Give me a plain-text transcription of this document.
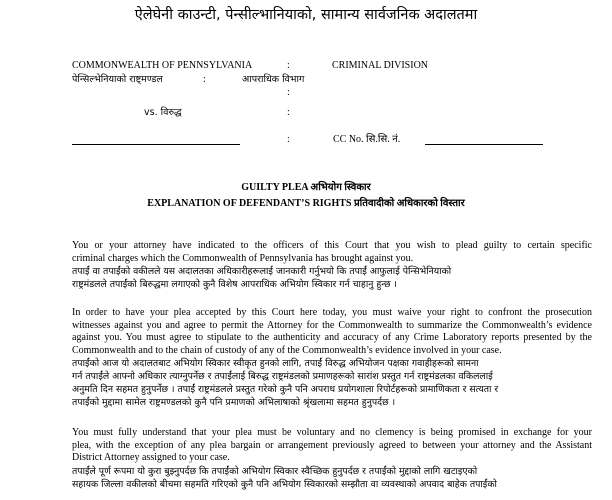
ऐलेघेनी काउन्टी, पेन्सील्भानियाको, सामान्य सार्वजनिक अदालतमा
COMMONWEALTH OF PENNSYLVANIA	:	CRIMINAL DIVISION
पेन्सिल्भेनियाको राष्ट्मण्डल	:	आपराधिक विभाग
:
vs. विरुद्ध	:
:	CC No. सि.सि. नं.
GUILTY PLEA अभियोग स्विकार
EXPLANATION OF DEFENDANT’S RIGHTS प्रतिवादीको अधिकारको विस्तार
You or your attorney have indicated to the officers of this Court that you wish to plead guilty to certain specific
criminal charges which the Commonwealth of Pennsylvania has brought against you.
तपाईं वा तपाईंको वकीलले यस अदालतका अधिकारीहरूलाई जानकारी गर्नुभयो कि तपाईं आफुलाई पेन्सिभेनियाको
राष्ट्रमंडलले तपाईंको बिरुद्धमा लगाएको कुनै विशेष आपराधिक अभियोग स्विकार गर्न चाहानु हुन्छ ।
In order to have your plea accepted by this Court here today, you must waive your right to confront the prosecution
witnesses against you and agree to permit the Attorney for the Commonwealth to summarize the Commonwealth’s evidence
against you. You must agree to stipulate to the authenticity and accuracy of any Crime Laboratory reports presented by the
Commonwealth and to the chain of custody of any of the Commonwealth’s evidence involved in your case.
तपाईंको आज यो अदालतबाट अभियोग स्विकार स्वीकृत हुनको लागि, तपाईं विरुद्ध अभियोजन पक्षका गवाहीहरूको सामना
गर्न तपाईंले आफ्नो अधिकार त्याग्नुपर्नेछ र तपाईंलाई बिरुद्ध राष्ट्रमंडलको प्रमाणहरूको सारांश प्रस्तुत गर्न राष्ट्रमंडलका वकिललाई
अनुमति दिन सहमत हुनुपर्नेछ । तपाईं राष्ट्रमंडलले प्रस्तुत गरेको कुनै पनि अपराध प्रयोगशाला रिपोर्टहरूको प्रामाणिकता र सत्यता र
तपाईंको मुद्दामा सामेल राष्ट्रमण्डलको कुनै पनि प्रमाणको अभिलाषाको श्रृंखलामा सहमत हुनुपर्दछ ।
You must fully understand that your plea must be voluntary and no clemency is being promised in exchange for your
plea, with the exception of any plea bargain or arrangement previously agreed to between your attorney and the Assistant
District Attorney assigned to your case.
तपाईंले पूर्ण रूपमा यो कुरा बुझ्नुपर्दछ कि तपाईंको अभियोग स्विकार स्वैच्छिक हुनुपर्दछ र तपाईंको मुद्दाको लागि खटाइएको
सहायक जिल्ला वकीलको बीचमा सहमति गरिएको कुनै पनि अभियोग स्विकारको सम्झौता वा व्यवस्थाको अपवाद बाहेक तपाईंको
